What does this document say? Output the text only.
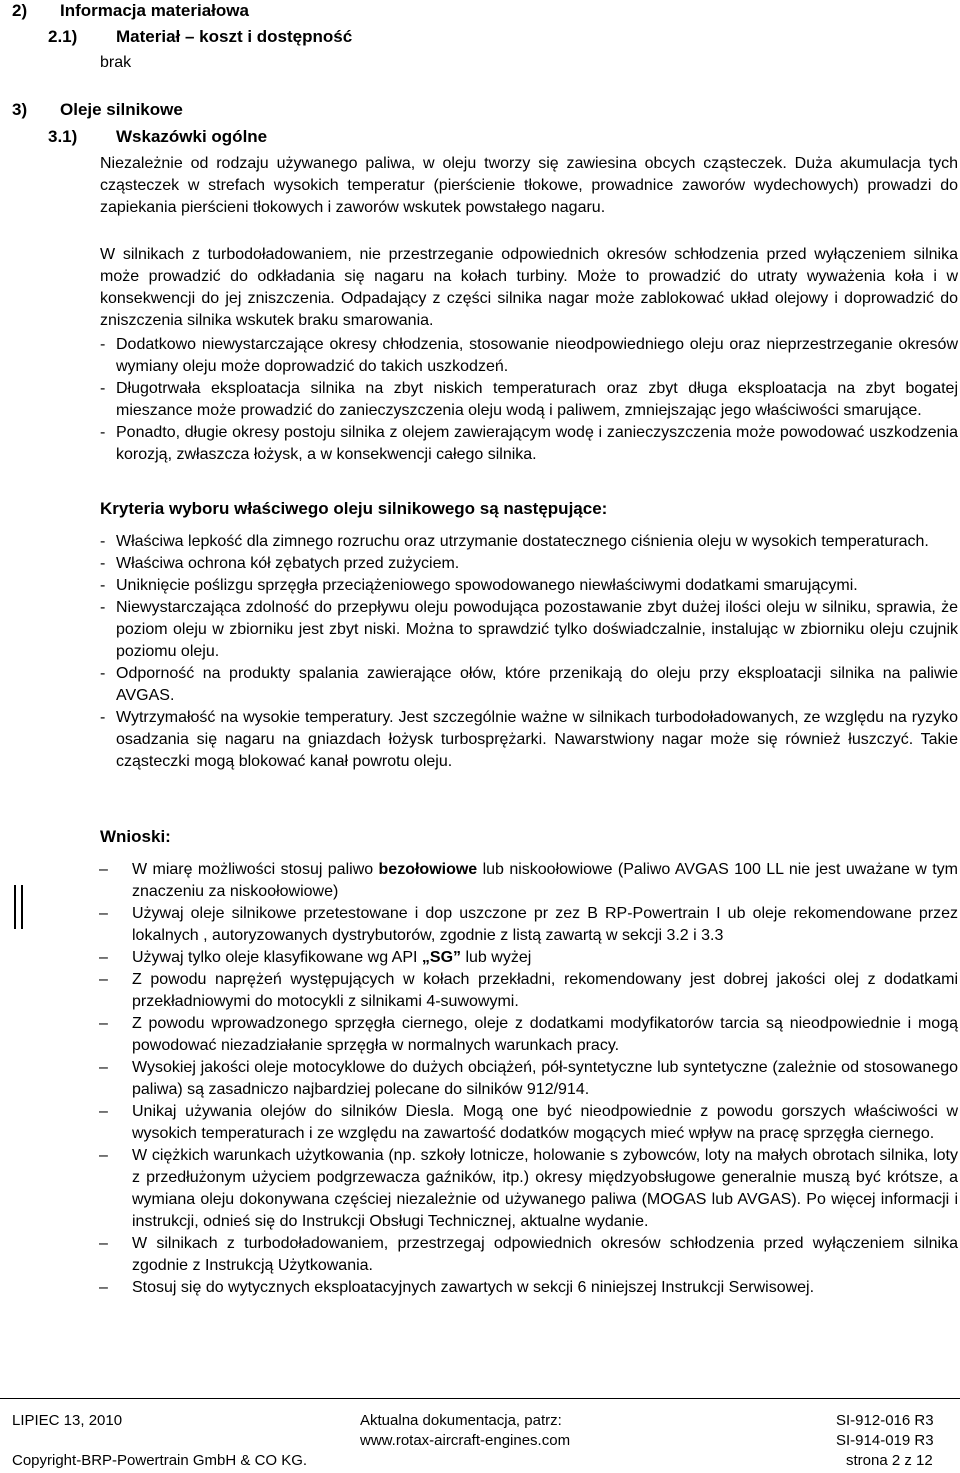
2) Informacja materiałowa
2.1) Materiał – koszt i dostępność
brak
3) Oleje silnikowe
3.1) Wskazówki ogólne
Niezależnie od rodzaju używanego paliwa, w oleju tworzy się zawiesina obcych cząsteczek. Duża akumulacja tych cząsteczek w strefach wysokich temperatur (pierścienie tłokowe, prowadnice zaworów wydechowych) prowadzi do zapiekania pierścieni tłokowych i zaworów wskutek powstałego nagaru.
W silnikach z turbodoładowaniem, nie przestrzeganie odpowiednich okresów schłodzenia przed wyłączeniem silnika może prowadzić do odkładania się nagaru na kołach turbiny. Może to prowadzić do utraty wyważenia koła i w konsekwencji do jej zniszczenia. Odpadający z części silnika nagar może zablokować układ olejowy i doprowadzić do zniszczenia silnika wskutek braku smarowania.
- Dodatkowo niewystarczające okresy chłodzenia, stosowanie nieodpowiedniego oleju oraz nieprzestrzeganie okresów wymiany oleju może doprowadzić do takich uszkodzeń.
- Długotrwała eksploatacja silnika na zbyt niskich temperaturach oraz zbyt długa eksploatacja na zbyt bogatej mieszance może prowadzić do zanieczyszczenia oleju wodą i paliwem, zmniejszając jego właściwości smarujące.
- Ponadto, długie okresy postoju silnika z olejem zawierającym wodę i zanieczyszczenia może powodować uszkodzenia korozją, zwłaszcza łożysk, a w konsekwencji całego silnika.
Kryteria wyboru właściwego oleju silnikowego są następujące:
- Właściwa lepkość dla zimnego rozruchu oraz utrzymanie dostatecznego ciśnienia oleju w wysokich temperaturach.
- Właściwa ochrona kół zębatych przed zużyciem.
- Uniknięcie poślizgu sprzęgła przeciążeniowego spowodowanego niewłaściwymi dodatkami smarującymi.
- Niewystarczająca zdolność do przepływu oleju powodująca pozostawanie zbyt dużej ilości oleju w silniku, sprawia, że poziom oleju w zbiorniku jest zbyt niski. Można to sprawdzić tylko doświadczalnie, instalując w zbiorniku oleju czujnik poziomu oleju.
- Odporność na produkty spalania zawierające ołów, które przenikają do oleju przy eksploatacji silnika na paliwie AVGAS.
- Wytrzymałość na wysokie temperatury. Jest szczególnie ważne w silnikach turbodoładowanych, ze względu na ryzyko osadzania się nagaru na gniazdach łożysk turbosprężarki. Nawarstwiony nagar może się również łuszczyć. Takie cząsteczki mogą blokować kanał powrotu oleju.
Wnioski:
– W miarę możliwości stosuj paliwo bezołowiowe lub niskoołowiowe (Paliwo AVGAS 100 LL nie jest uważane w tym znaczeniu za niskoołowiowe)
– Używaj oleje silnikowe przetestowane i dop uszczone pr zez B RP-Powertrain I ub oleje rekomendowane przez lokalnych , autoryzowanych dystrybutorów, zgodnie z listą zawartą w sekcji 3.2 i 3.3
– Używaj tylko oleje klasyfikowane wg API „SG” lub wyżej
– Z powodu naprężeń występujących w kołach przekładni, rekomendowany jest dobrej jakości olej z dodatkami przekładniowymi do motocykli z silnikami 4-suwowymi.
– Z powodu wprowadzonego sprzęgła ciernego, oleje z dodatkami modyfikatorów tarcia są nieodpowiednie i mogą powodować niezadziałanie sprzęgła w normalnych warunkach pracy.
– Wysokiej jakości oleje motocyklowe do dużych obciążeń, pół-syntetyczne lub syntetyczne (zależnie od stosowanego paliwa) są zasadniczo najbardziej polecane do silników 912/914.
– Unikaj używania olejów do silników Diesla. Mogą one być nieodpowiednie z powodu gorszych właściwości w wysokich temperaturach i ze względu na zawartość dodatków mogących mieć wpływ na pracę sprzęgła ciernego.
– W ciężkich warunkach użytkowania (np. szkoły lotnicze, holowanie s zybowców, loty na małych obrotach silnika, loty z przedłużonym użyciem podgrzewacza gaźników, itp.) okresy międzyobsługowe generalnie muszą być krótsze, a wymiana oleju dokonywana częściej niezależnie od używanego paliwa (MOGAS lub AVGAS). Po więcej informacji i instrukcji, odnieś się do Instrukcji Obsługi Technicznej, aktualne wydanie.
– W silnikach z turbodoładowaniem, przestrzegaj odpowiednich okresów schłodzenia przed wyłączeniem silnika zgodnie z Instrukcją Użytkowania.
– Stosuj się do wytycznych eksploatacyjnych zawartych w sekcji 6 niniejszej Instrukcji Serwisowej.
LIPIEC 13, 2010	Aktualna dokumentacja, patrz:
www.rotax-aircraft-engines.com
SI-912-016 R3
SI-914-019 R3
Copyright-BRP-Powertrain GmbH & CO KG.	strona 2 z 12
